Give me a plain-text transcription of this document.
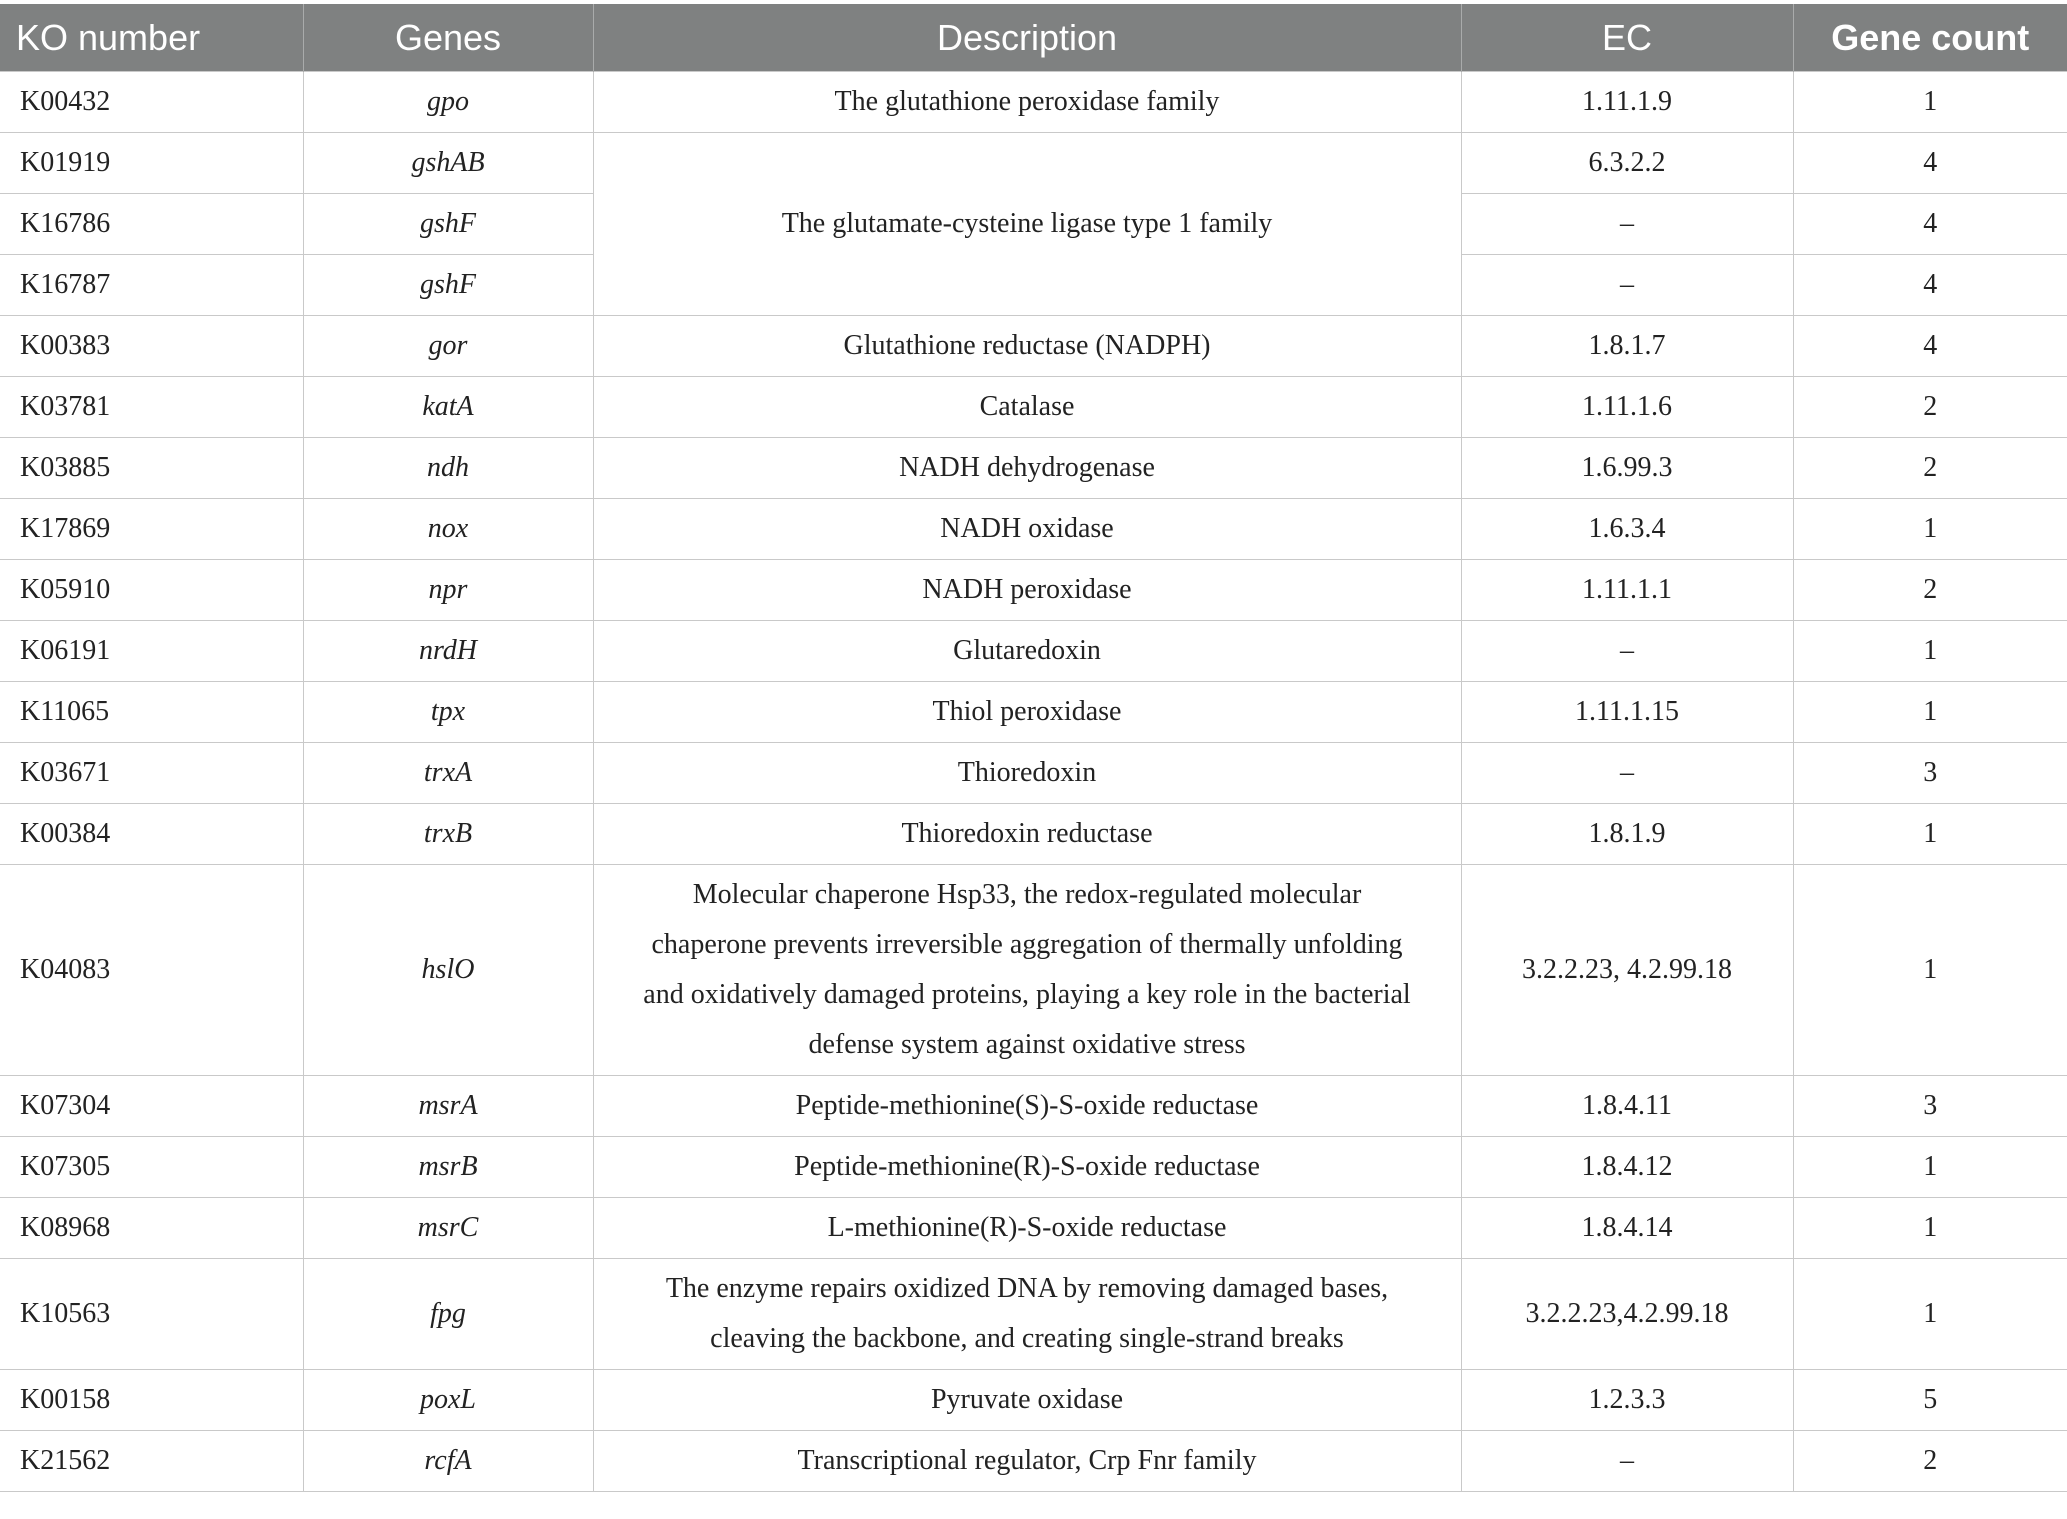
KO number	Genes	Description	EC	Gene count
K00432	gpo	The glutathione peroxidase family	1.11.1.9	1
K01919	gshAB	The glutamate-cysteine ligase type 1 family	6.3.2.2	4
K16786	gshF		–	4
K16787	gshF		–	4
K00383	gor	Glutathione reductase (NADPH)	1.8.1.7	4
K03781	katA	Catalase	1.11.1.6	2
K03885	ndh	NADH dehydrogenase	1.6.99.3	2
K17869	nox	NADH oxidase	1.6.3.4	1
K05910	npr	NADH peroxidase	1.11.1.1	2
K06191	nrdH	Glutaredoxin	–	1
K11065	tpx	Thiol peroxidase	1.11.1.15	1
K03671	trxA	Thioredoxin	–	3
K00384	trxB	Thioredoxin reductase	1.8.1.9	1
K04083	hslO	Molecular chaperone Hsp33, the redox-regulated molecular chaperone prevents irreversible aggregation of thermally unfolding and oxidatively damaged proteins, playing a key role in the bacterial defense system against oxidative stress	3.2.2.23, 4.2.99.18	1
K07304	msrA	Peptide-methionine(S)-S-oxide reductase	1.8.4.11	3
K07305	msrB	Peptide-methionine(R)-S-oxide reductase	1.8.4.12	1
K08968	msrC	L-methionine(R)-S-oxide reductase	1.8.4.14	1
K10563	fpg	The enzyme repairs oxidized DNA by removing damaged bases, cleaving the backbone, and creating single-strand breaks	3.2.2.23,4.2.99.18	1
K00158	poxL	Pyruvate oxidase	1.2.3.3	5
K21562	rcfA	Transcriptional regulator, Crp Fnr family	–	2
